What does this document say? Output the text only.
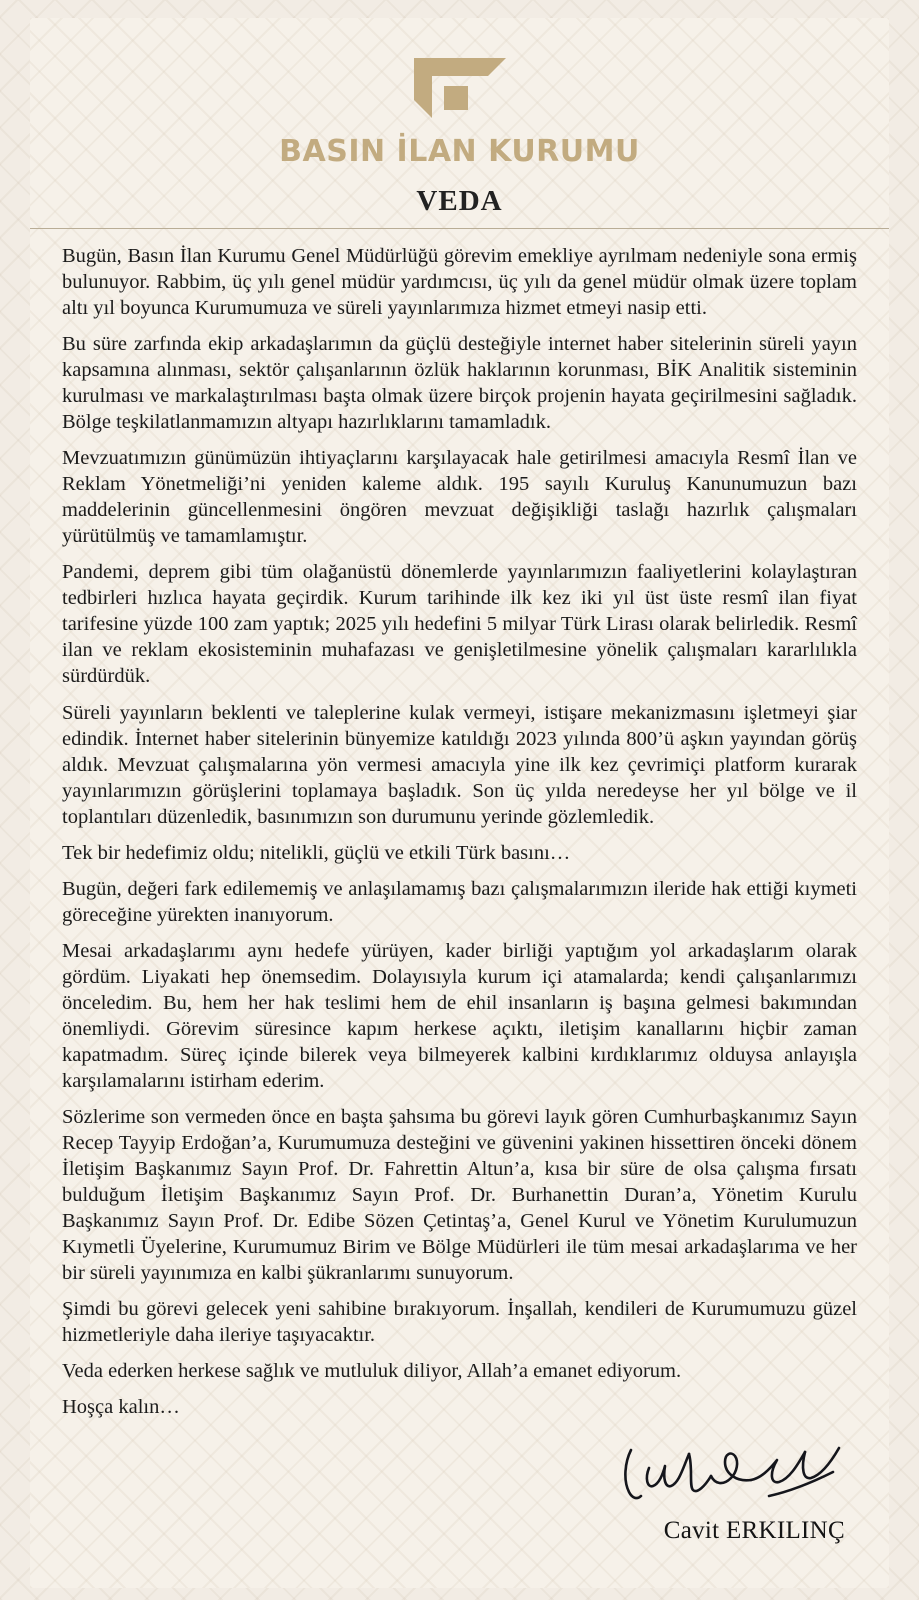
BASIN İLAN KURUMU
VEDA

Bugün, Basın İlan Kurumu Genel Müdürlüğü görevim emekliye ayrılmam nedeniyle sona ermiş bulunuyor. Rabbim, üç yılı genel müdür yardımcısı, üç yılı da genel müdür olmak üzere toplam altı yıl boyunca Kurumumuza ve süreli yayınlarımıza hizmet etmeyi nasip etti.

Bu süre zarfında ekip arkadaşlarımın da güçlü desteğiyle internet haber sitelerinin süreli yayın kapsamına alınması, sektör çalışanlarının özlük haklarının korunması, BİK Analitik sisteminin kurulması ve markalaştırılması başta olmak üzere birçok projenin hayata geçirilmesini sağladık. Bölge teşkilatlanmamızın altyapı hazırlıklarını tamamladık.

Mevzuatımızın günümüzün ihtiyaçlarını karşılayacak hale getirilmesi amacıyla Resmî İlan ve Reklam Yönetmeliği’ni yeniden kaleme aldık. 195 sayılı Kuruluş Kanunumuzun bazı maddelerinin güncellenmesini öngören mevzuat değişikliği taslağı hazırlık çalışmaları yürütülmüş ve tamamlamıştır.

Pandemi, deprem gibi tüm olağanüstü dönemlerde yayınlarımızın faaliyetlerini kolaylaştıran tedbirleri hızlıca hayata geçirdik. Kurum tarihinde ilk kez iki yıl üst üste resmî ilan fiyat tarifesine yüzde 100 zam yaptık; 2025 yılı hedefini 5 milyar Türk Lirası olarak belirledik. Resmî ilan ve reklam ekosisteminin muhafazası ve genişletilmesine yönelik çalışmaları kararlılıkla sürdürdük.

Süreli yayınların beklenti ve taleplerine kulak vermeyi, istişare mekanizmasını işletmeyi şiar edindik. İnternet haber sitelerinin bünyemize katıldığı 2023 yılında 800’ü aşkın yayından görüş aldık. Mevzuat çalışmalarına yön vermesi amacıyla yine ilk kez çevrimiçi platform kurarak yayınlarımızın görüşlerini toplamaya başladık. Son üç yılda neredeyse her yıl bölge ve il toplantıları düzenledik, basınımızın son durumunu yerinde gözlemledik.

Tek bir hedefimiz oldu; nitelikli, güçlü ve etkili Türk basını…

Bugün, değeri fark edilememiş ve anlaşılamamış bazı çalışmalarımızın ileride hak ettiği kıymeti göreceğine yürekten inanıyorum.

Mesai arkadaşlarımı aynı hedefe yürüyen, kader birliği yaptığım yol arkadaşlarım olarak gördüm. Liyakati hep önemsedim. Dolayısıyla kurum içi atamalarda; kendi çalışanlarımızı önceledim. Bu, hem her hak teslimi hem de ehil insanların iş başına gelmesi bakımından önemliydi. Görevim süresince kapım herkese açıktı, iletişim kanallarını hiçbir zaman kapatmadım. Süreç içinde bilerek veya bilmeyerek kalbini kırdıklarımız olduysa anlayışla karşılamalarını istirham ederim.

Sözlerime son vermeden önce en başta şahsıma bu görevi layık gören Cumhurbaşkanımız Sayın Recep Tayyip Erdoğan’a, Kurumumuza desteğini ve güvenini yakinen hissettiren önceki dönem İletişim Başkanımız Sayın Prof. Dr. Fahrettin Altun’a, kısa bir süre de olsa çalışma fırsatı bulduğum İletişim Başkanımız Sayın Prof. Dr. Burhanettin Duran’a, Yönetim Kurulu Başkanımız Sayın Prof. Dr. Edibe Sözen Çetintaş’a, Genel Kurul ve Yönetim Kurulumuzun Kıymetli Üyelerine, Kurumumuz Birim ve Bölge Müdürleri ile tüm mesai arkadaşlarıma ve her bir süreli yayınımıza en kalbi şükranlarımı sunuyorum.

Şimdi bu görevi gelecek yeni sahibine bırakıyorum. İnşallah, kendileri de Kurumumuzu güzel hizmetleriyle daha ileriye taşıyacaktır.

Veda ederken herkese sağlık ve mutluluk diliyor, Allah’a emanet ediyorum.

Hoşça kalın…

Cavit ERKILINÇ
